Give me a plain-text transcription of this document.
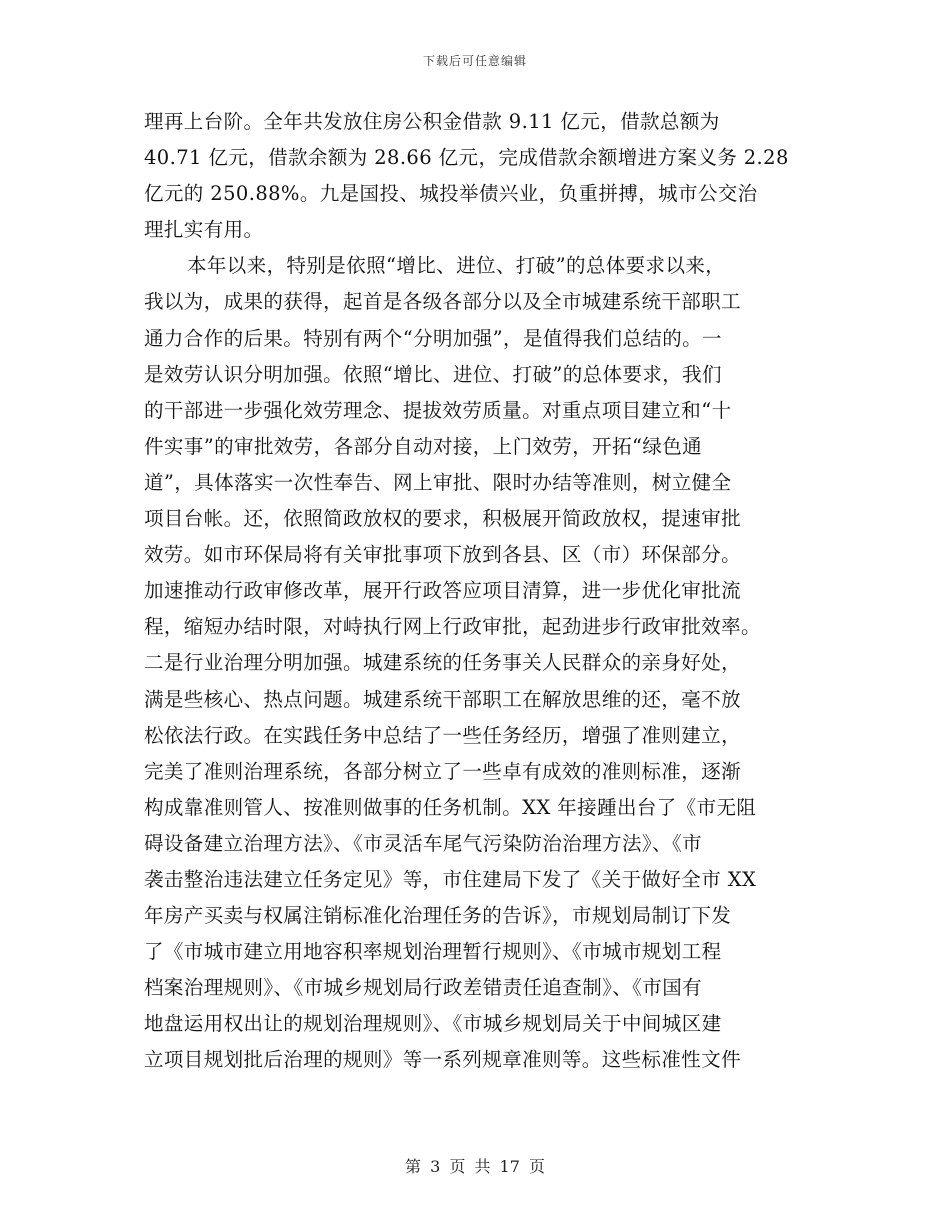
下载后可任意编辑
理再上台阶。全年共发放住房公积金借款 9.11 亿元，借款总额为
40.71 亿元，借款余额为 28.66 亿元，完成借款余额增进方案义务 2.28
亿元的 250.88%。九是国投、城投举债兴业，负重拼搏，城市公交治
理扎实有用。
本年以来，特别是依照“增比、进位、打破”的总体要求以来，
我以为，成果的获得，起首是各级各部分以及全市城建系统干部职工
通力合作的后果。特别有两个“分明加强”，是值得我们总结的。一
是效劳认识分明加强。依照“增比、进位、打破”的总体要求，我们
的干部进一步强化效劳理念、提拔效劳质量。对重点项目建立和“十
件实事”的审批效劳，各部分自动对接，上门效劳，开拓“绿色通
道”，具体落实一次性奉告、网上审批、限时办结等准则，树立健全
项目台帐。还，依照简政放权的要求，积极展开简政放权，提速审批
效劳。如市环保局将有关审批事项下放到各县、区（市）环保部分。
加速推动行政审修改革，展开行政答应项目清算，进一步优化审批流
程，缩短办结时限，对峙执行网上行政审批，起劲进步行政审批效率。
二是行业治理分明加强。城建系统的任务事关人民群众的亲身好处，
满是些核心、热点问题。城建系统干部职工在解放思维的还，毫不放
松依法行政。在实践任务中总结了一些任务经历，增强了准则建立，
完美了准则治理系统，各部分树立了一些卓有成效的准则标准，逐渐
构成靠准则管人、按准则做事的任务机制。XX 年接踵出台了《市无阻
碍设备建立治理方法》、《市灵活车尾气污染防治治理方法》、《市
袭击整治违法建立任务定见》等，市住建局下发了《关于做好全市 XX
年房产买卖与权属注销标准化治理任务的告诉》，市规划局制订下发
了《市城市建立用地容积率规划治理暂行规则》、《市城市规划工程
档案治理规则》、《市城乡规划局行政差错责任追查制》、《市国有
地盘运用权出让的规划治理规则》、《市城乡规划局关于中间城区建
立项目规划批后治理的规则》等一系列规章准则等。这些标准性文件
第 3 页 共 17 页
